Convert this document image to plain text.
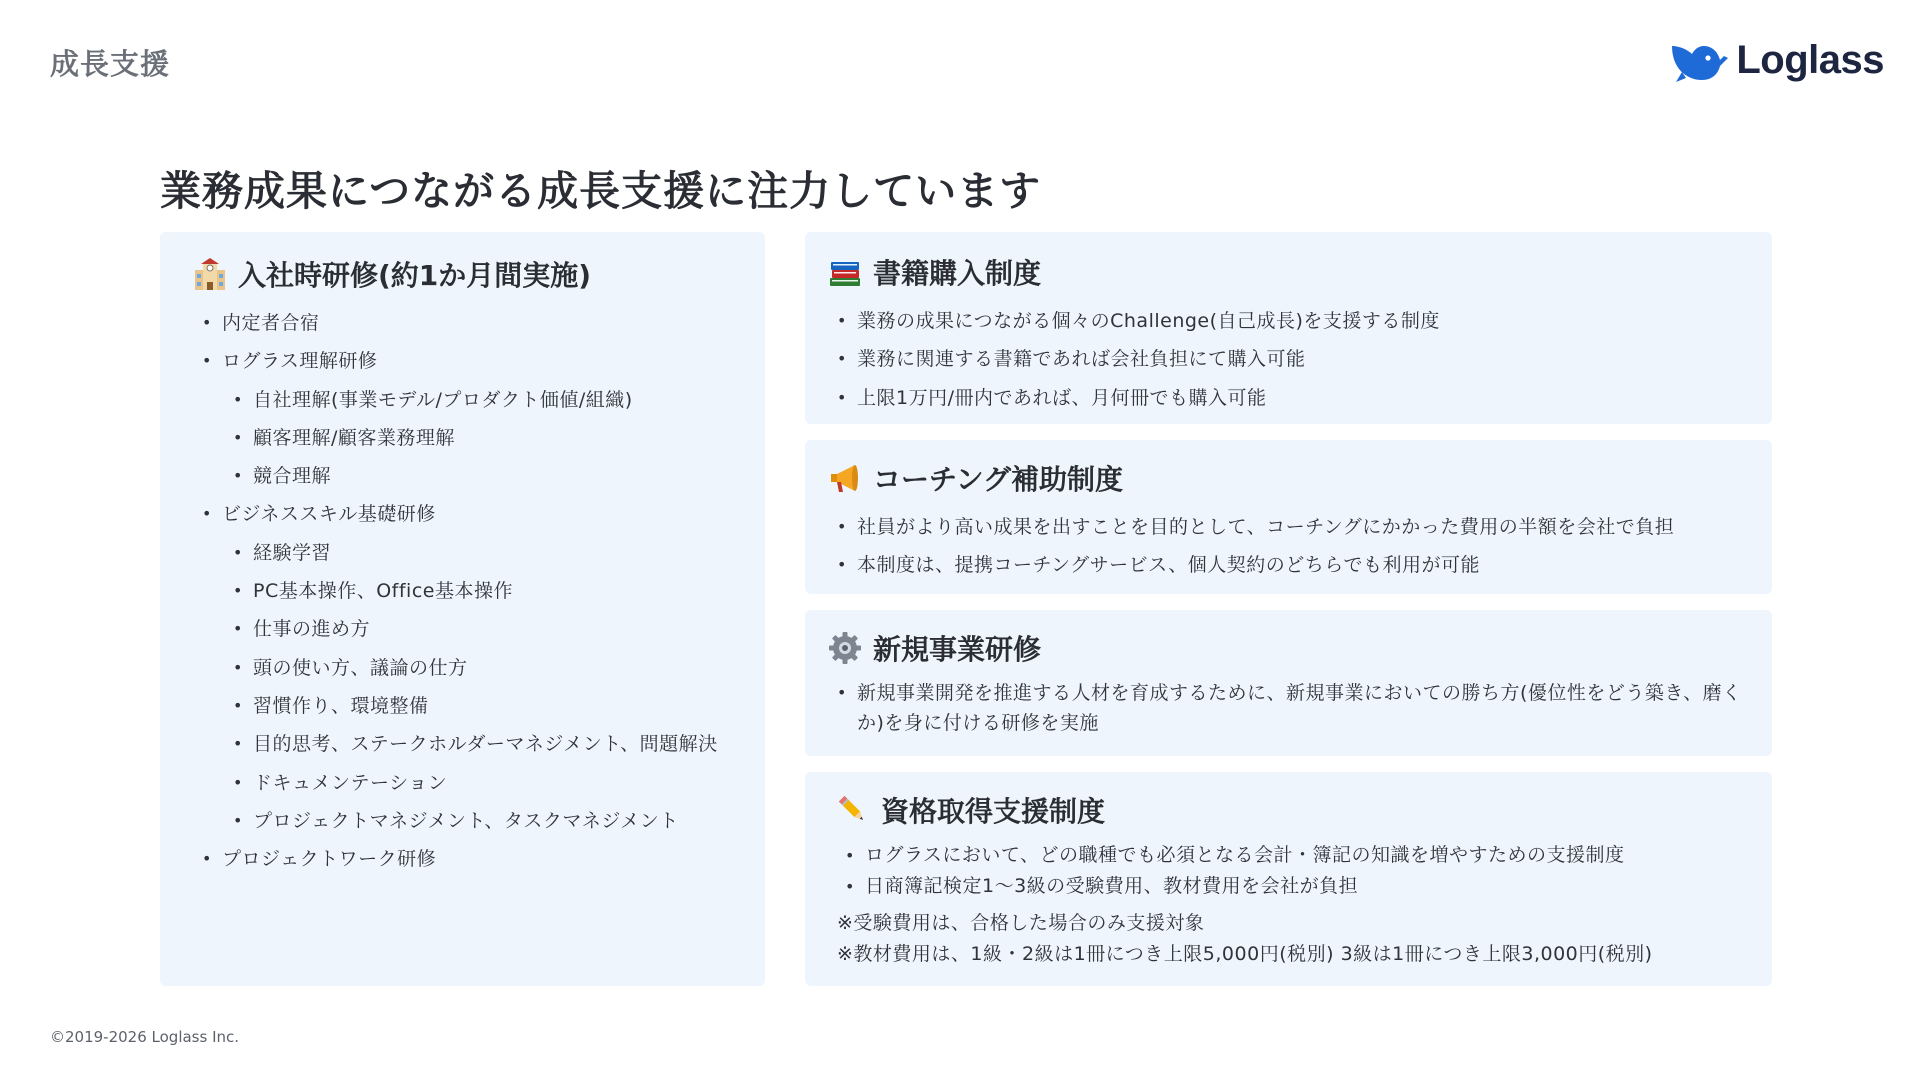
成長支援	Loglass
業務成果につながる成長支援に注力しています
入社時研修(約1か月間実施)
• 内定者合宿
• ログラス理解研修
• 自社理解(事業モデル/プロダクト価値/組織)
• 顧客理解/顧客業務理解
• 競合理解
• ビジネススキル基礎研修
• 経験学習
• PC基本操作、Office基本操作
• 仕事の進め方
• 頭の使い方、議論の仕方
• 習慣作り、環境整備
• 目的思考、ステークホルダーマネジメント、問題解決
• ドキュメンテーション
• プロジェクトマネジメント、タスクマネジメント
• プロジェクトワーク研修
書籍購入制度
• 業務の成果につながる個々のChallenge(自己成長)を支援する制度
• 業務に関連する書籍であれば会社負担にて購入可能
• 上限1万円/冊内であれば、月何冊でも購入可能
コーチング補助制度
• 社員がより高い成果を出すことを目的として、コーチングにかかった費用の半額を会社で負担
• 本制度は、提携コーチングサービス、個人契約のどちらでも利用が可能
新規事業研修
• 新規事業開発を推進する人材を育成するために、新規事業においての勝ち方(優位性をどう築き、磨くか)を身に付ける研修を実施
資格取得支援制度
• ログラスにおいて、どの職種でも必須となる会計・簿記の知識を増やすための支援制度
• 日商簿記検定1〜3級の受験費用、教材費用を会社が負担
※受験費用は、合格した場合のみ支援対象
※教材費用は、1級・2級は1冊につき上限5,000円(税別) 3級は1冊につき上限3,000円(税別)
©2019-2026 Loglass Inc.
